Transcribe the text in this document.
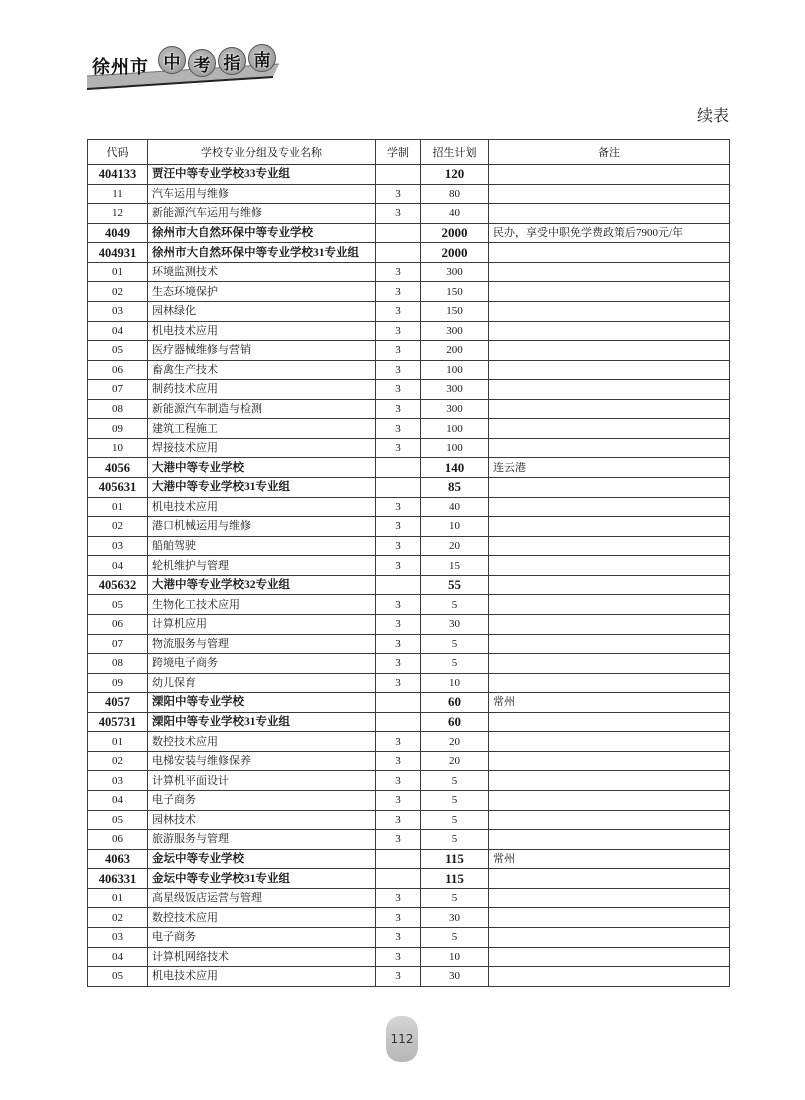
徐州市 中 考 指 南
续表
代码	学校专业分组及专业名称	学制	招生计划	备注
404133	贾汪中等专业学校33专业组		120	
11	汽车运用与维修	3	80	
12	新能源汽车运用与维修	3	40	
4049	徐州市大自然环保中等专业学校		2000	民办，享受中职免学费政策后7900元/年
404931	徐州市大自然环保中等专业学校31专业组		2000	
01	环境监测技术	3	300	
02	生态环境保护	3	150	
03	园林绿化	3	150	
04	机电技术应用	3	300	
05	医疗器械维修与营销	3	200	
06	畜禽生产技术	3	100	
07	制药技术应用	3	300	
08	新能源汽车制造与检测	3	300	
09	建筑工程施工	3	100	
10	焊接技术应用	3	100	
4056	大港中等专业学校		140	连云港
405631	大港中等专业学校31专业组		85	
01	机电技术应用	3	40	
02	港口机械运用与维修	3	10	
03	船舶驾驶	3	20	
04	轮机维护与管理	3	15	
405632	大港中等专业学校32专业组		55	
05	生物化工技术应用	3	5	
06	计算机应用	3	30	
07	物流服务与管理	3	5	
08	跨境电子商务	3	5	
09	幼儿保育	3	10	
4057	溧阳中等专业学校		60	常州
405731	溧阳中等专业学校31专业组		60	
01	数控技术应用	3	20	
02	电梯安装与维修保养	3	20	
03	计算机平面设计	3	5	
04	电子商务	3	5	
05	园林技术	3	5	
06	旅游服务与管理	3	5	
4063	金坛中等专业学校		115	常州
406331	金坛中等专业学校31专业组		115	
01	高星级饭店运营与管理	3	5	
02	数控技术应用	3	30	
03	电子商务	3	5	
04	计算机网络技术	3	10	
05	机电技术应用	3	30	
112
